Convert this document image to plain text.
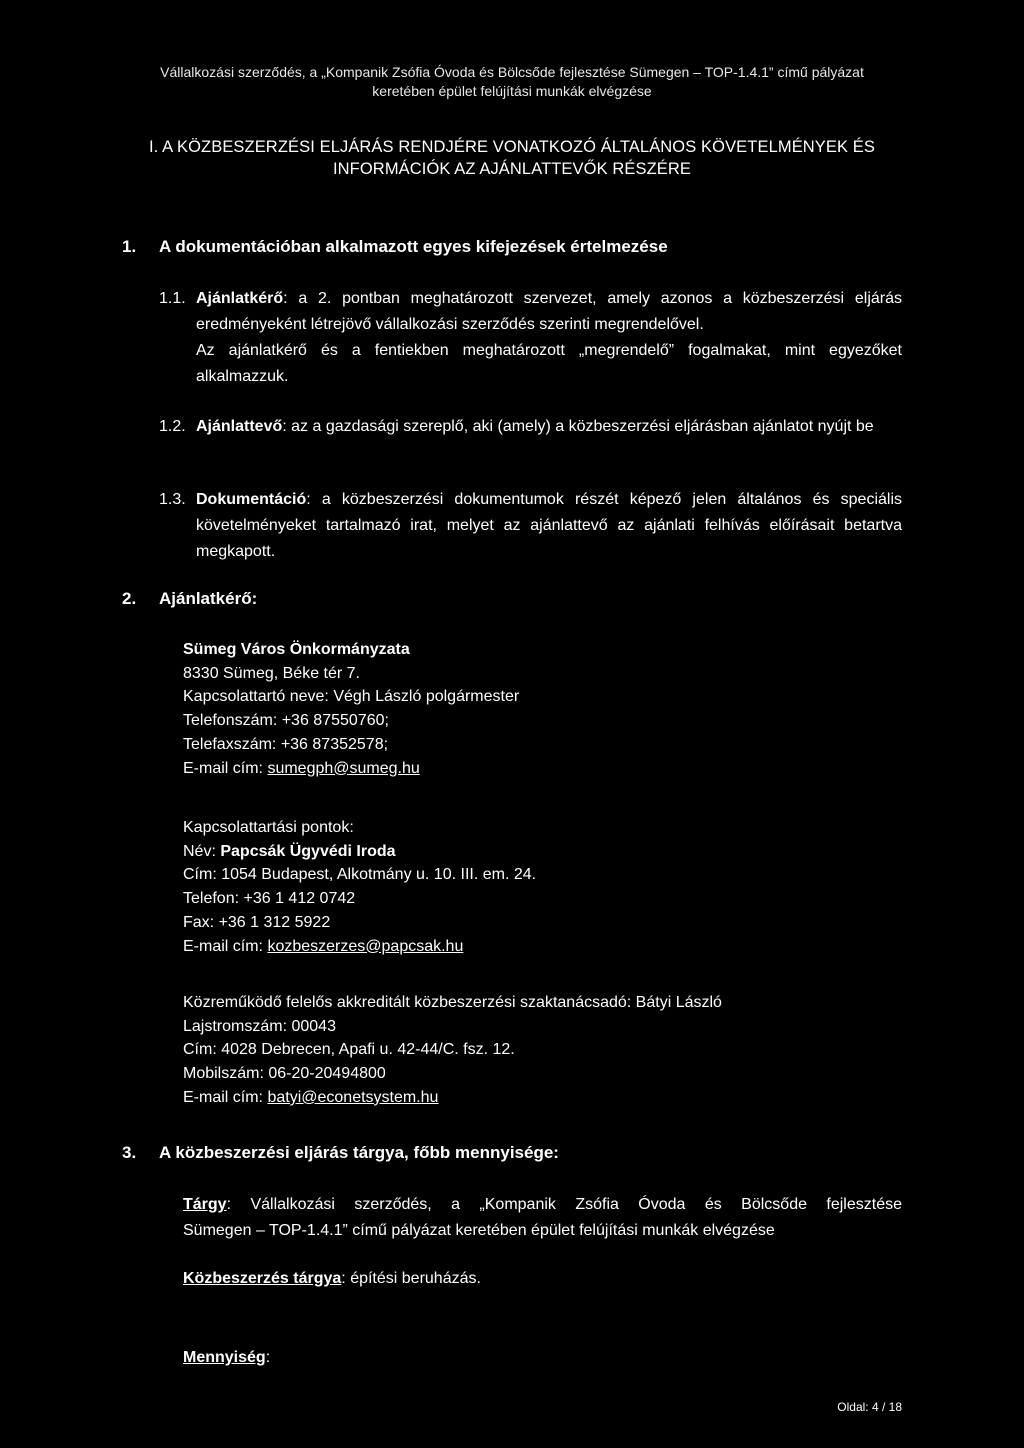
Vállalkozási szerződés, a „Kompanik Zsófia Óvoda és Bölcsőde fejlesztése Sümegen – TOP-1.4.1” című pályázat
keretében épület felújítási munkák elvégzése
I. A KÖZBESZERZÉSI ELJÁRÁS RENDJÉRE VONATKOZÓ ÁLTALÁNOS KÖVETELMÉNYEK ÉS
INFORMÁCIÓK AZ AJÁNLATTEVŐK RÉSZÉRE
1. A dokumentációban alkalmazott egyes kifejezések értelmezése
1.1. Ajánlatkérő: a 2. pontban meghatározott szervezet, amely azonos a közbeszerzési eljárás eredményeként létrejövő vállalkozási szerződés szerinti megrendelővel.
Az ajánlatkérő és a fentiekben meghatározott „megrendelő” fogalmakat, mint egyezőket alkalmazzuk.
1.2. Ajánlattevő: az a gazdasági szereplő, aki (amely) a közbeszerzési eljárásban ajánlatot nyújt be
1.3. Dokumentáció: a közbeszerzési dokumentumok részét képező jelen általános és speciális követelményeket tartalmazó irat, melyet az ajánlattevő az ajánlati felhívás előírásait betartva megkapott.
2. Ajánlatkérő:
Sümeg Város Önkormányzata
8330 Sümeg, Béke tér 7.
Kapcsolattartó neve: Végh László polgármester
Telefonszám: +36 87550760;
Telefaxszám: +36 87352578;
E-mail cím: sumegph@sumeg.hu
Kapcsolattartási pontok:
Név: Papcsák Ügyvédi Iroda
Cím: 1054 Budapest, Alkotmány u. 10. III. em. 24.
Telefon: +36 1 412 0742
Fax: +36 1 312 5922
E-mail cím: kozbeszerzes@papcsak.hu
Közreműködő felelős akkreditált közbeszerzési szaktanácsadó: Bátyi László
Lajstromszám: 00043
Cím: 4028 Debrecen, Apafi u. 42-44/C. fsz. 12.
Mobilszám: 06-20-20494800
E-mail cím: batyi@econetsystem.hu
3. A közbeszerzési eljárás tárgya, főbb mennyisége:
Tárgy: Vállalkozási szerződés, a „Kompanik Zsófia Óvoda és Bölcsőde fejlesztése
Sümegen – TOP-1.4.1” című pályázat keretében épület felújítási munkák elvégzése
Közbeszerzés tárgya: építési beruházás.
Mennyiség:
Oldal: 4 / 18
